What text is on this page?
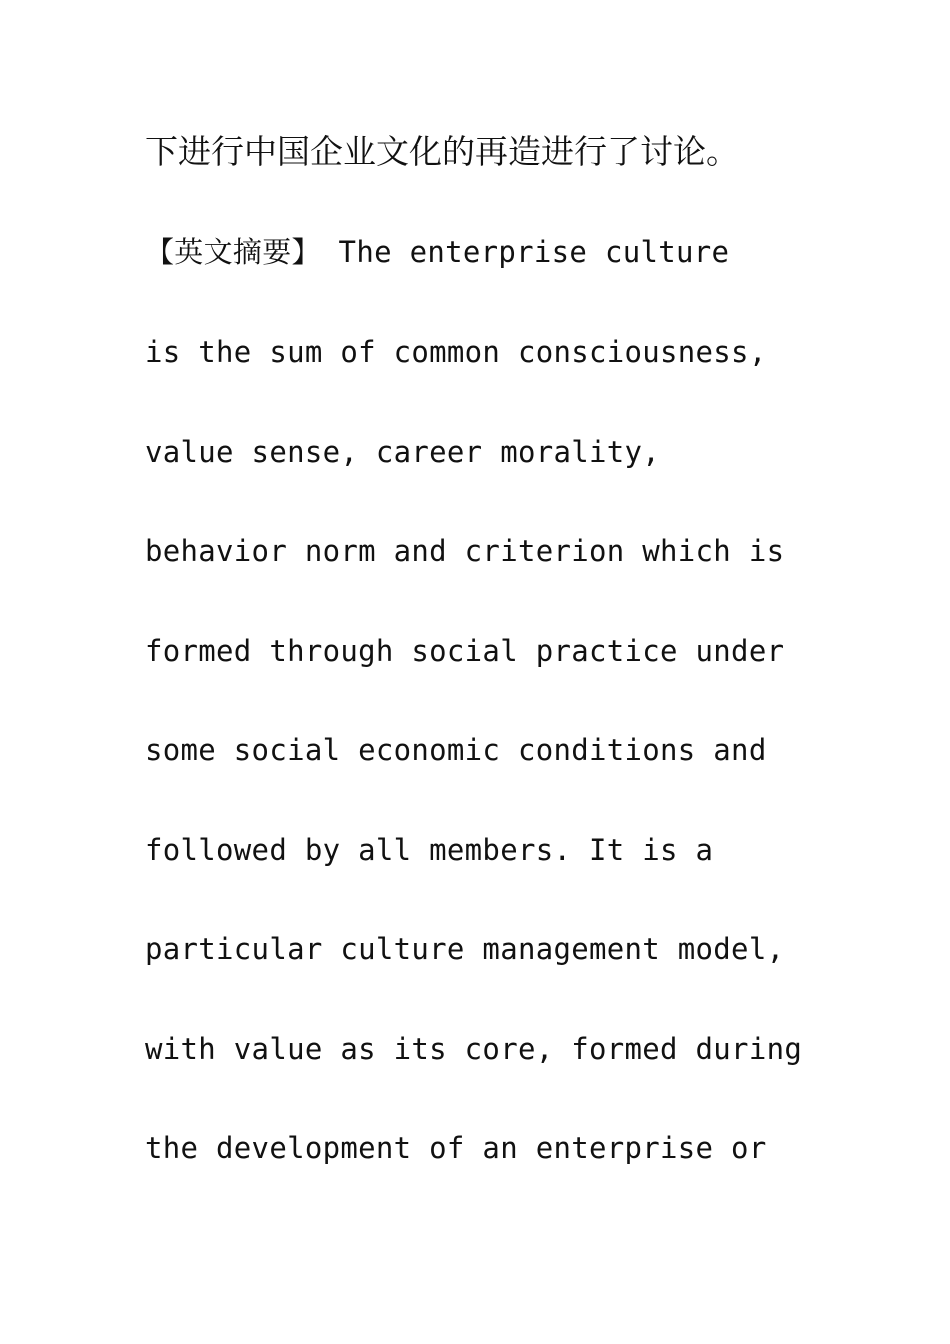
下进行中国企业文化的再造进行了讨论。
【英文摘要】 The enterprise culture
is the sum of common consciousness,
value sense, career morality,
behavior norm and criterion which is
formed through social practice under
some social economic conditions and
followed by all members. It is a
particular culture management model,
with value as its core, formed during
the development of an enterprise or
